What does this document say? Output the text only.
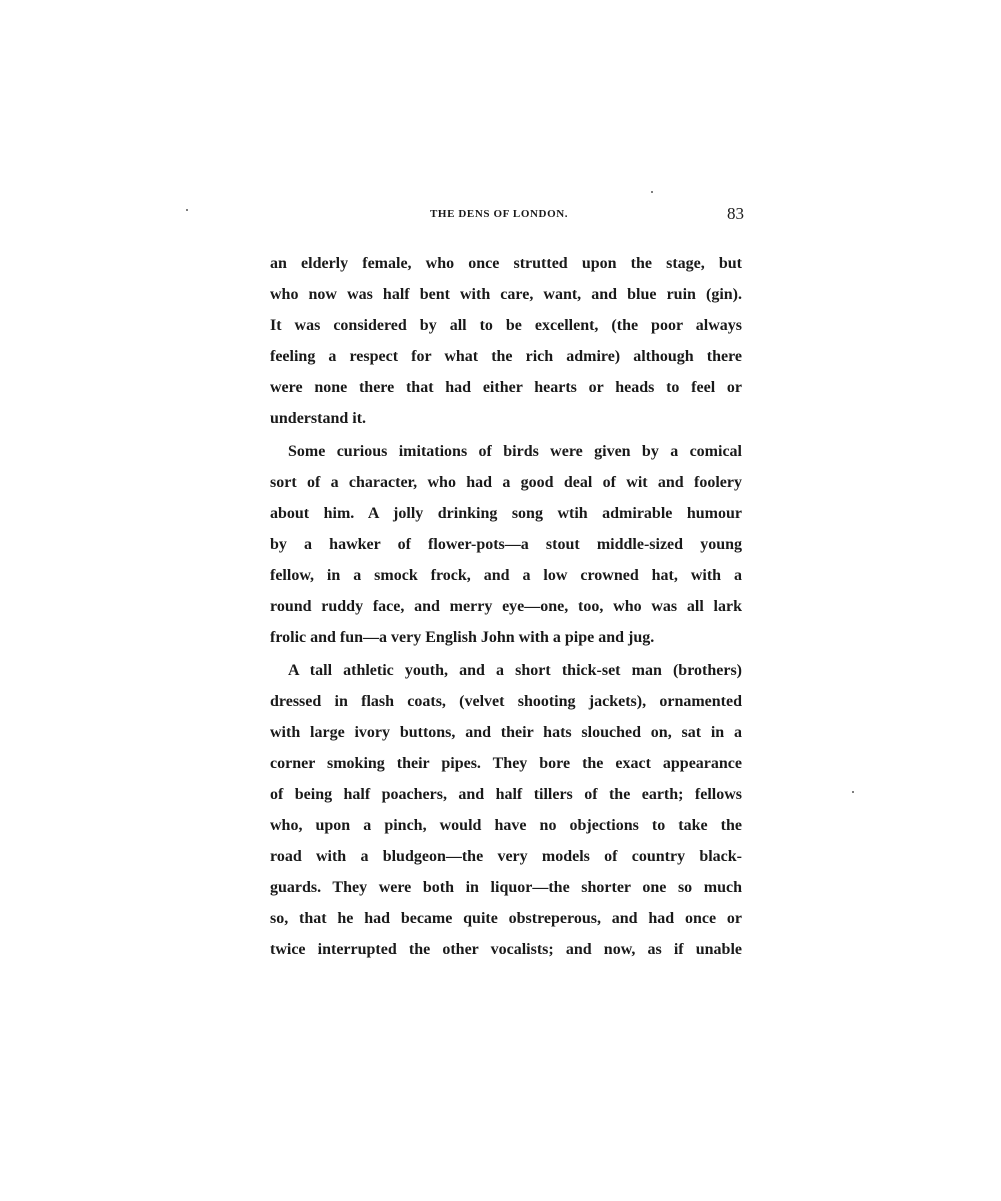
THE DENS OF LONDON.	83
an elderly female, who once strutted upon the stage, but
who now was half bent with care, want, and blue ruin (gin).
It was considered by all to be excellent, (the poor always
feeling a respect for what the rich admire) although there
were none there that had either hearts or heads to feel or
understand it.
Some curious imitations of birds were given by a comical
sort of a character, who had a good deal of wit and foolery
about him. A jolly drinking song wtih admirable humour
by a hawker of flower-pots—a stout middle-sized young
fellow, in a smock frock, and a low crowned hat, with a
round ruddy face, and merry eye—one, too, who was all lark
frolic and fun—a very English John with a pipe and jug.
A tall athletic youth, and a short thick-set man (brothers)
dressed in flash coats, (velvet shooting jackets), ornamented
with large ivory buttons, and their hats slouched on, sat in a
corner smoking their pipes. They bore the exact appearance
of being half poachers, and half tillers of the earth; fellows
who, upon a pinch, would have no objections to take the
road with a bludgeon—the very models of country black-
guards. They were both in liquor—the shorter one so much
so, that he had became quite obstreperous, and had once or
twice interrupted the other vocalists; and now, as if unable
